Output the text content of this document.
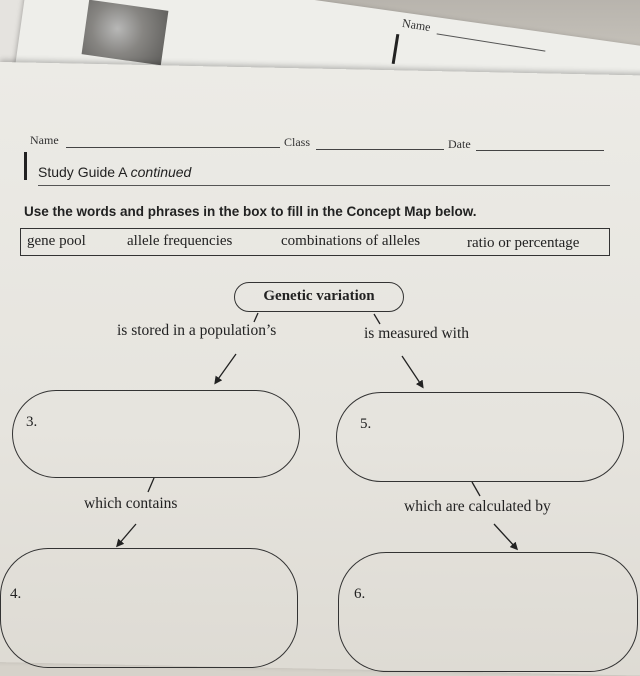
Name
Name	Class	Date
Study Guide A continued
Use the words and phrases in the box to fill in the Concept Map below.
gene pool	allele frequencies	combinations of alleles	ratio or percentage
Genetic variation
is stored in a population’s	is measured with
3.	5.
which contains	which are calculated by
4.	6.
